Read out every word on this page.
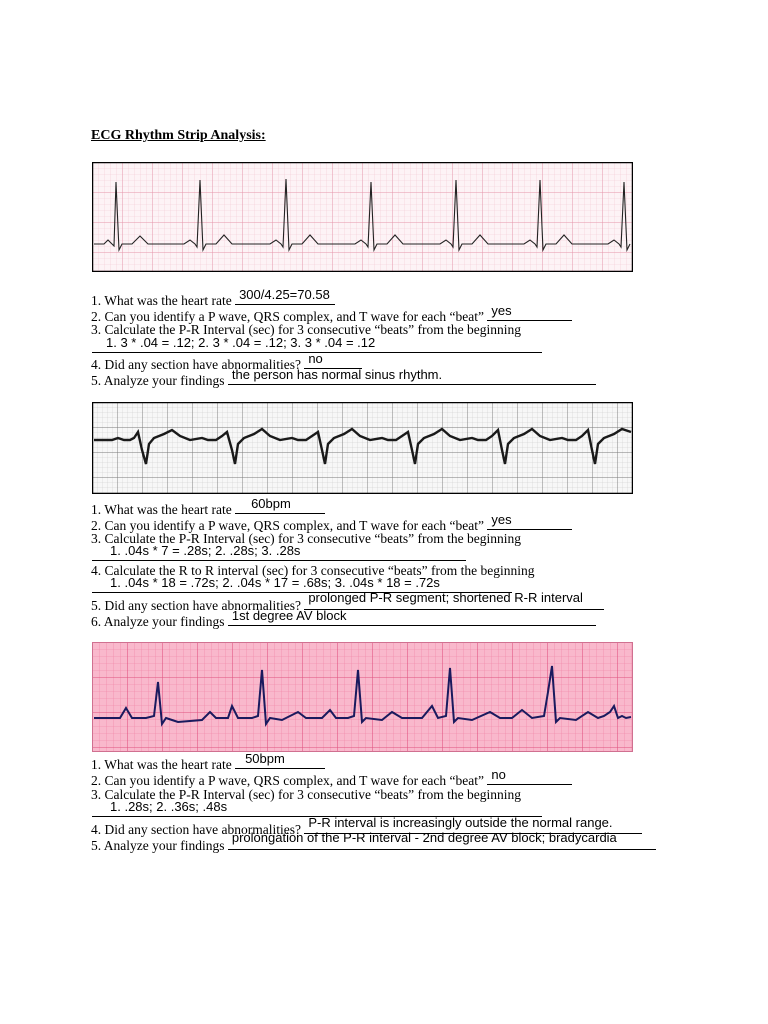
ECG Rhythm Strip Analysis:
1. What was the heart rate 300/4.25=70.58
2. Can you identify a P wave, QRS complex, and T wave for each “beat” yes
3. Calculate the P-R Interval (sec) for 3 consecutive “beats” from the beginning
1. 3 * .04 = .12; 2. 3 * .04 = .12; 3. 3 * .04 = .12
4. Did any section have abnormalities? no
5. Analyze your findings the person has normal sinus rhythm.
1. What was the heart rate 60bpm
2. Can you identify a P wave, QRS complex, and T wave for each “beat” yes
3. Calculate the P-R Interval (sec) for 3 consecutive “beats” from the beginning
1. .04s * 7 = .28s; 2. .28s; 3. .28s
4. Calculate the R to R interval (sec) for 3 consecutive “beats” from the beginning
1. .04s * 18 = .72s; 2. .04s * 17 = .68s; 3. .04s * 18 = .72s
5. Did any section have abnormalities?
prolonged P-R segment; shortened R-R interval
6. Analyze your findings 1st degree AV block
1. What was the heart rate 50bpm
2. Can you identify a P wave, QRS complex, and T wave for each “beat” no
3. Calculate the P-R Interval (sec) for 3 consecutive “beats” from the beginning
1. .28s; 2. .36s; .48s
4. Did any section have abnormalities? P-R interval is increasingly outside the normal range.
5. Analyze your findings
prolongation of the P-R interval - 2nd degree AV block; bradycardia
